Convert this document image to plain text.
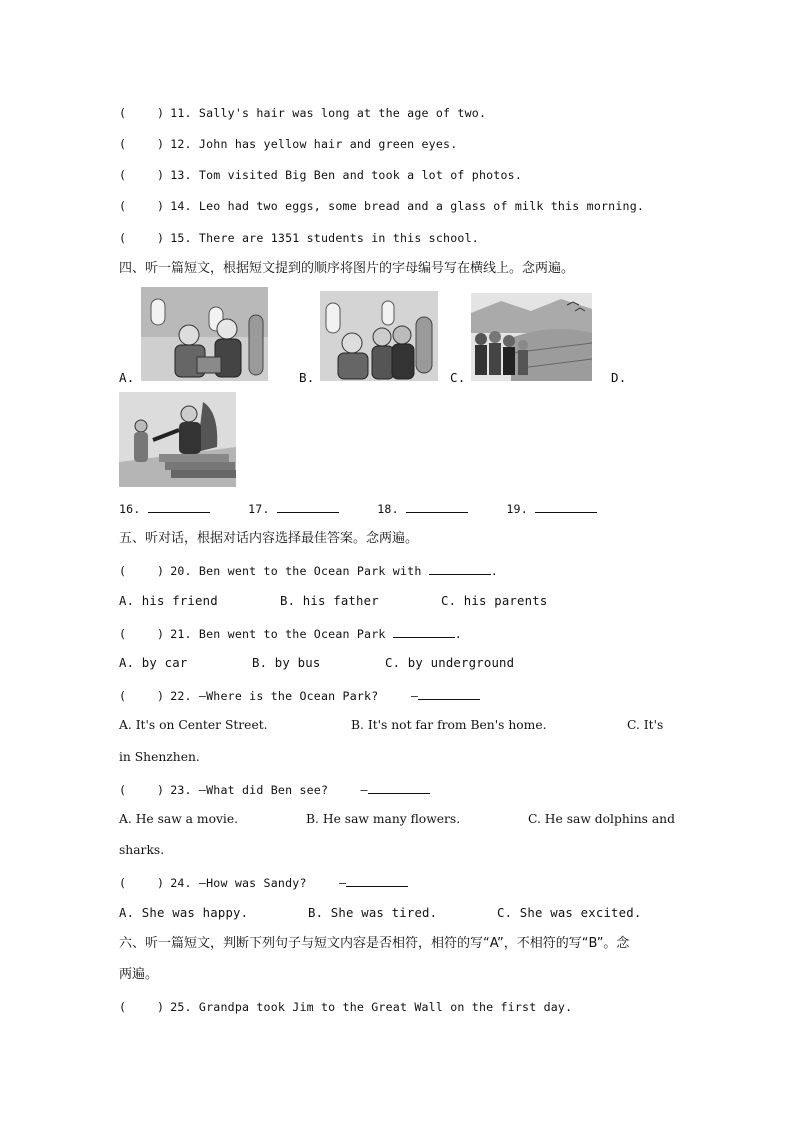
(	) 11. Sally's hair was long at the age of two.
(	) 12. John has yellow hair and green eyes.
(	) 13. Tom visited Big Ben and took a lot of photos.
(	) 14. Leo had two eggs, some bread and a glass of milk this morning.
(	) 15. There are 1351 students in this school.
四、听一篇短文，根据短文提到的顺序将图片的字母编号写在横线上。念两遍。
A.	B.	C.	D.
16.	17.	18.	19.
五、听对话，根据对话内容选择最佳答案。念两遍。
(	) 20. Ben went to the Ocean Park with	.
A. his friend	B. his father	C. his parents
(	) 21. Ben went to the Ocean Park	.
A. by car	B. by bus	C. by underground
(	) 22. —Where is the Ocean Park?	—
A. It's on Center Street.	B. It's not far from Ben's home.	C. It's
in Shenzhen.
(	) 23. —What did Ben see?	—
A. He saw a movie.	B. He saw many flowers.	C. He saw dolphins and
sharks.
(	) 24. —How was Sandy?	—
A. She was happy.	B. She was tired.	C. She was excited.
六、听一篇短文，判断下列句子与短文内容是否相符，相符的写“A”，不相符的写“B”。念
两遍。
(	) 25. Grandpa took Jim to the Great Wall on the first day.
